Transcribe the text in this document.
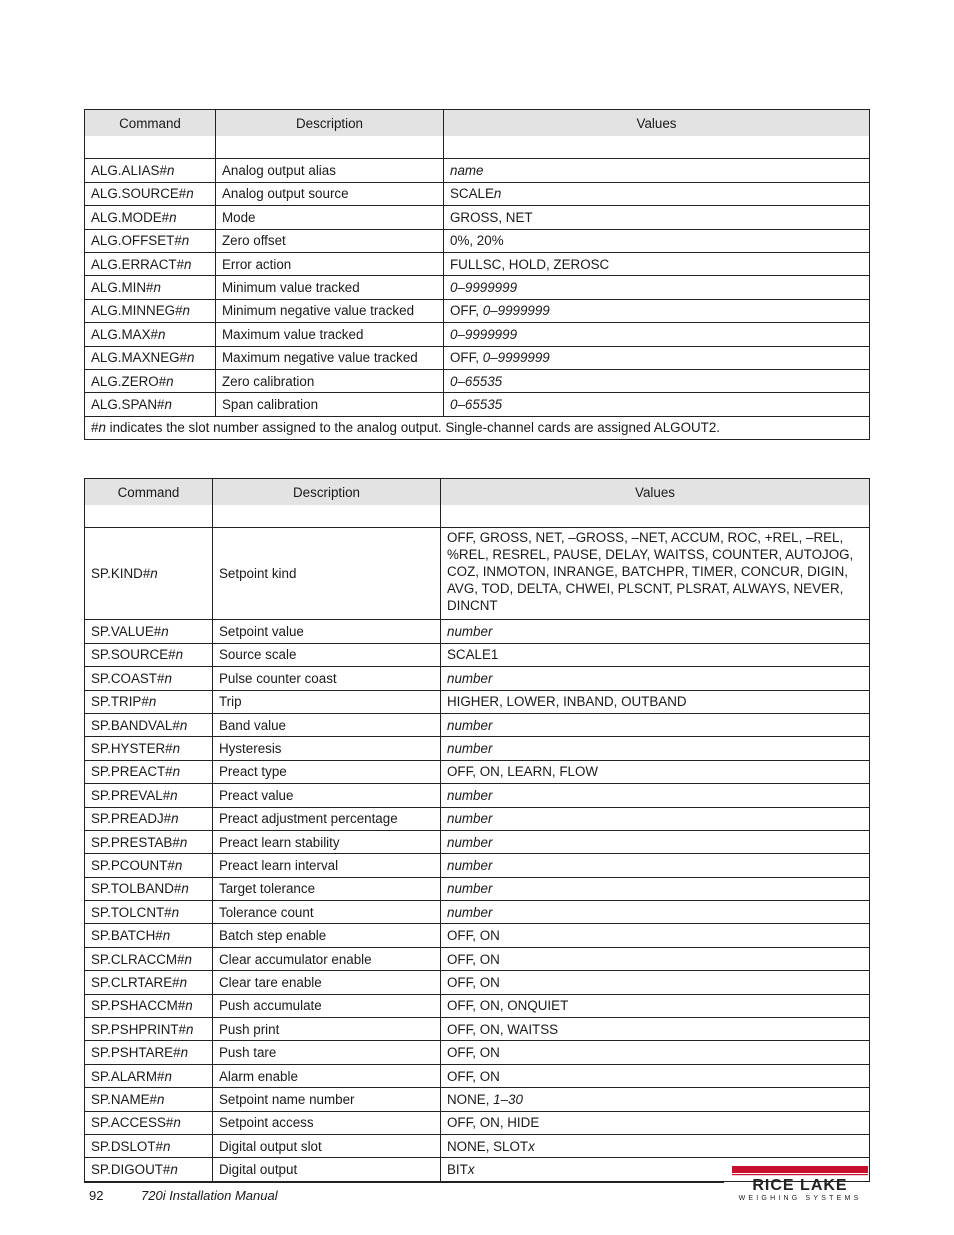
Command	Description	Values

ALG.ALIAS#n	Analog output alias	name
ALG.SOURCE#n	Analog output source	SCALEn
ALG.MODE#n	Mode	GROSS, NET
ALG.OFFSET#n	Zero offset	0%, 20%
ALG.ERRACT#n	Error action	FULLSC, HOLD, ZEROSC
ALG.MIN#n	Minimum value tracked	0–9999999
ALG.MINNEG#n	Minimum negative value tracked	OFF, 0–9999999
ALG.MAX#n	Maximum value tracked	0–9999999
ALG.MAXNEG#n	Maximum negative value tracked	OFF, 0–9999999
ALG.ZERO#n	Zero calibration	0–65535
ALG.SPAN#n	Span calibration	0–65535
#n indicates the slot number assigned to the analog output. Single-channel cards are assigned ALGOUT2.		
Command	Description	Values

SP.KIND#n	Setpoint kind	OFF, GROSS, NET, –GROSS, –NET, ACCUM, ROC, +REL, –REL, %REL, RESREL, PAUSE, DELAY, WAITSS, COUNTER, AUTOJOG, COZ, INMOTON, INRANGE, BATCHPR, TIMER, CONCUR, DIGIN, AVG, TOD, DELTA, CHWEI, PLSCNT, PLSRAT, ALWAYS, NEVER, DINCNT
SP.VALUE#n	Setpoint value	number
SP.SOURCE#n	Source scale	SCALE1
SP.COAST#n	Pulse counter coast	number
SP.TRIP#n	Trip	HIGHER, LOWER, INBAND, OUTBAND
SP.BANDVAL#n	Band value	number
SP.HYSTER#n	Hysteresis	number
SP.PREACT#n	Preact type	OFF, ON, LEARN, FLOW
SP.PREVAL#n	Preact value	number
SP.PREADJ#n	Preact adjustment percentage	number
SP.PRESTAB#n	Preact learn stability	number
SP.PCOUNT#n	Preact learn interval	number
SP.TOLBAND#n	Target tolerance	number
SP.TOLCNT#n	Tolerance count	number
SP.BATCH#n	Batch step enable	OFF, ON
SP.CLRACCM#n	Clear accumulator enable	OFF, ON
SP.CLRTARE#n	Clear tare enable	OFF, ON
SP.PSHACCM#n	Push accumulate	OFF, ON, ONQUIET
SP.PSHPRINT#n	Push print	OFF, ON, WAITSS
SP.PSHTARE#n	Push tare	OFF, ON
SP.ALARM#n	Alarm enable	OFF, ON
SP.NAME#n	Setpoint name number	NONE, 1–30
SP.ACCESS#n	Setpoint access	OFF, ON, HIDE
SP.DSLOT#n	Digital output slot	NONE, SLOTx
SP.DIGOUT#n	Digital output	BITx
92	720i Installation Manual
RICE LAKE
WEIGHING SYSTEMS
